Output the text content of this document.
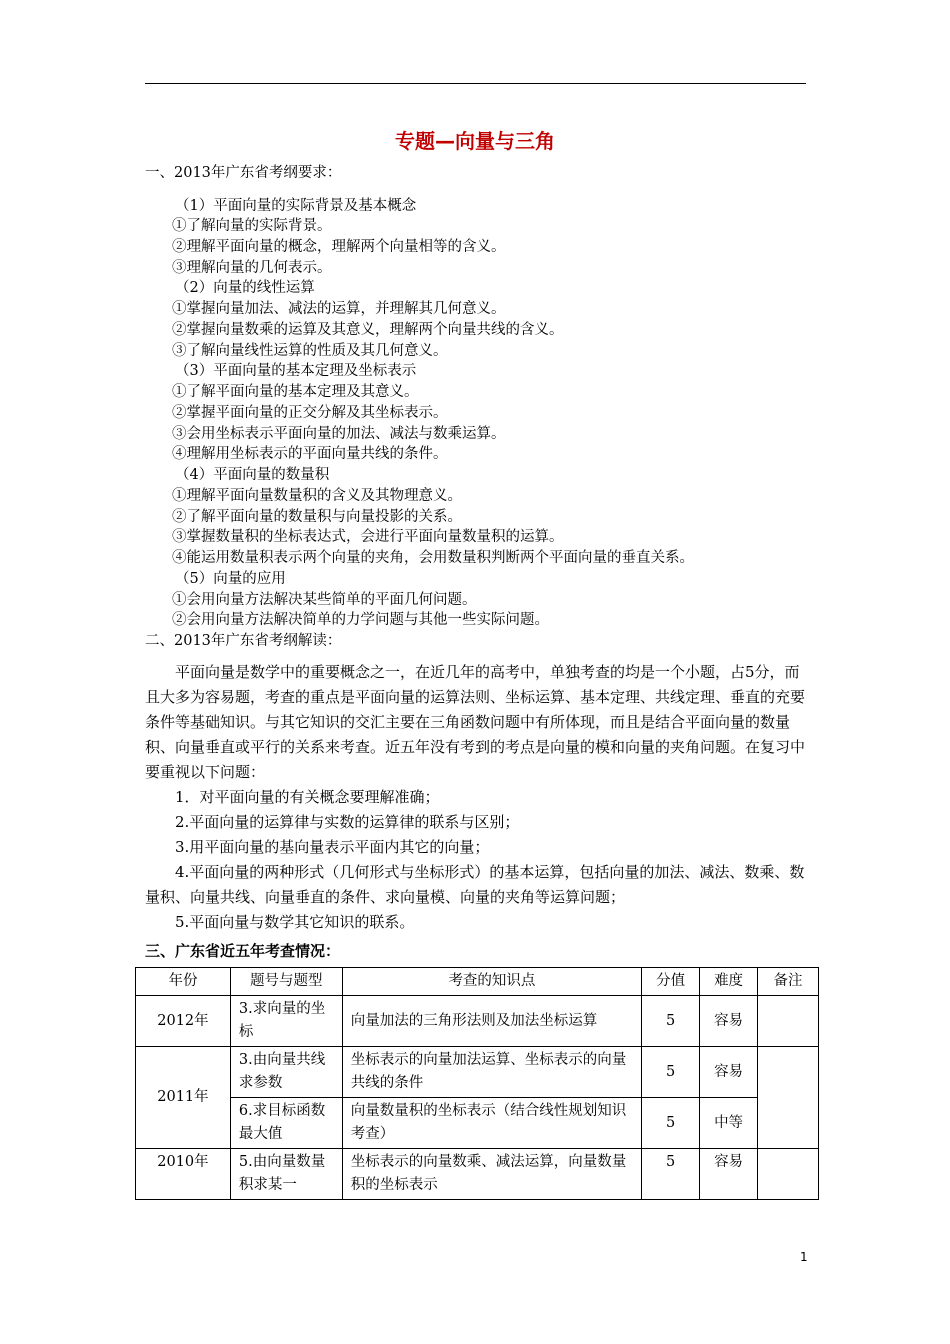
专题—向量与三角
一、2013年广东省考纲要求：
（1）平面向量的实际背景及基本概念
①了解向量的实际背景。
②理解平面向量的概念，理解两个向量相等的含义。
③理解向量的几何表示。
（2）向量的线性运算
①掌握向量加法、减法的运算，并理解其几何意义。
②掌握向量数乘的运算及其意义，理解两个向量共线的含义。
③了解向量线性运算的性质及其几何意义。
（3）平面向量的基本定理及坐标表示
①了解平面向量的基本定理及其意义。
②掌握平面向量的正交分解及其坐标表示。
③会用坐标表示平面向量的加法、减法与数乘运算。
④理解用坐标表示的平面向量共线的条件。
（4）平面向量的数量积
①理解平面向量数量积的含义及其物理意义。
②了解平面向量的数量积与向量投影的关系。
③掌握数量积的坐标表达式，会进行平面向量数量积的运算。
④能运用数量积表示两个向量的夹角，会用数量积判断两个平面向量的垂直关系。
（5）向量的应用
①会用向量方法解决某些简单的平面几何问题。
②会用向量方法解决简单的力学问题与其他一些实际问题。
二、2013年广东省考纲解读：

平面向量是数学中的重要概念之一，在近几年的高考中，单独考查的均是一个小题，占5分，而且大多为容易题，考查的重点是平面向量的运算法则、坐标运算、基本定理、共线定理、垂直的充要条件等基础知识。与其它知识的交汇主要在三角函数问题中有所体现，而且是结合平面向量的数量积、向量垂直或平行的关系来考查。近五年没有考到的考点是向量的模和向量的夹角问题。在复习中要重视以下问题：

1．对平面向量的有关概念要理解准确；

2.平面向量的运算律与实数的运算律的联系与区别；

3.用平面向量的基向量表示平面内其它的向量；

4.平面向量的两种形式（几何形式与坐标形式）的基本运算，包括向量的加法、减法、数乘、数量积、向量共线、向量垂直的条件、求向量模、向量的夹角等运算问题；

5.平面向量与数学其它知识的联系。

三、广东省近五年考查情况：
年份	题号与题型	考查的知识点	分值	难度	备注
2012年	3.求向量的坐标	向量加法的三角形法则及加法坐标运算	5	容易	
2011年	3.由向量共线求参数	坐标表示的向量加法运算、坐标表示的向量共线的条件	5	容易	
	6.求目标函数最大值	向量数量积的坐标表示（结合线性规划知识考查）	5	中等	
2010年	5.由向量数量积求某一	坐标表示的向量数乘、减法运算，向量数量积的坐标表示	5	容易	
1
